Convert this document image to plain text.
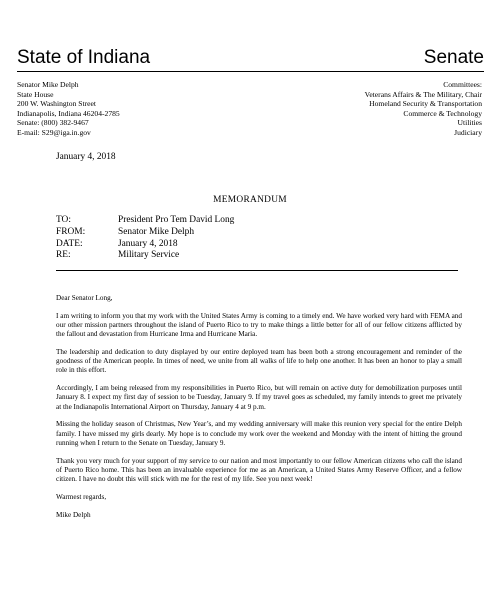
State of Indiana	Senate
Senator Mike Delph
State House
200 W. Washington Street
Indianapolis, Indiana 46204-2785
Senate: (800) 382-9467
E-mail: S29@iga.in.gov
Committees:
Veterans Affairs & The Military, Chair
Homeland Security & Transportation
Commerce & Technology
Utilities
Judiciary
January 4, 2018
MEMORANDUM
TO:	President Pro Tem David Long
FROM:	Senator Mike Delph
DATE:	January 4, 2018
RE:	Military Service

Dear Senator Long,

I am writing to inform you that my work with the United States Army is coming to a timely end. We have worked very hard with FEMA and our other mission partners throughout the island of Puerto Rico to try to make things a little better for all of our fellow citizens afflicted by the fallout and devastation from Hurricane Irma and Hurricane Maria.

The leadership and dedication to duty displayed by our entire deployed team has been both a strong encouragement and reminder of the goodness of the American people. In times of need, we unite from all walks of life to help one another. It has been an honor to play a small role in this effort.

Accordingly, I am being released from my responsibilities in Puerto Rico, but will remain on active duty for demobilization purposes until January 8. I expect my first day of session to be Tuesday, January 9. If my travel goes as scheduled, my family intends to greet me privately at the Indianapolis International Airport on Thursday, January 4 at 9 p.m.

Missing the holiday season of Christmas, New Year’s, and my wedding anniversary will make this reunion very special for the entire Delph family. I have missed my girls dearly. My hope is to conclude my work over the weekend and Monday with the intent of hitting the ground running when I return to the Senate on Tuesday, January 9.

Thank you very much for your support of my service to our nation and most importantly to our fellow American citizens who call the island of Puerto Rico home. This has been an invaluable experience for me as an American, a United States Army Reserve Officer, and a fellow citizen. I have no doubt this will stick with me for the rest of my life. See you next week!

Warmest regards,

Mike Delph
